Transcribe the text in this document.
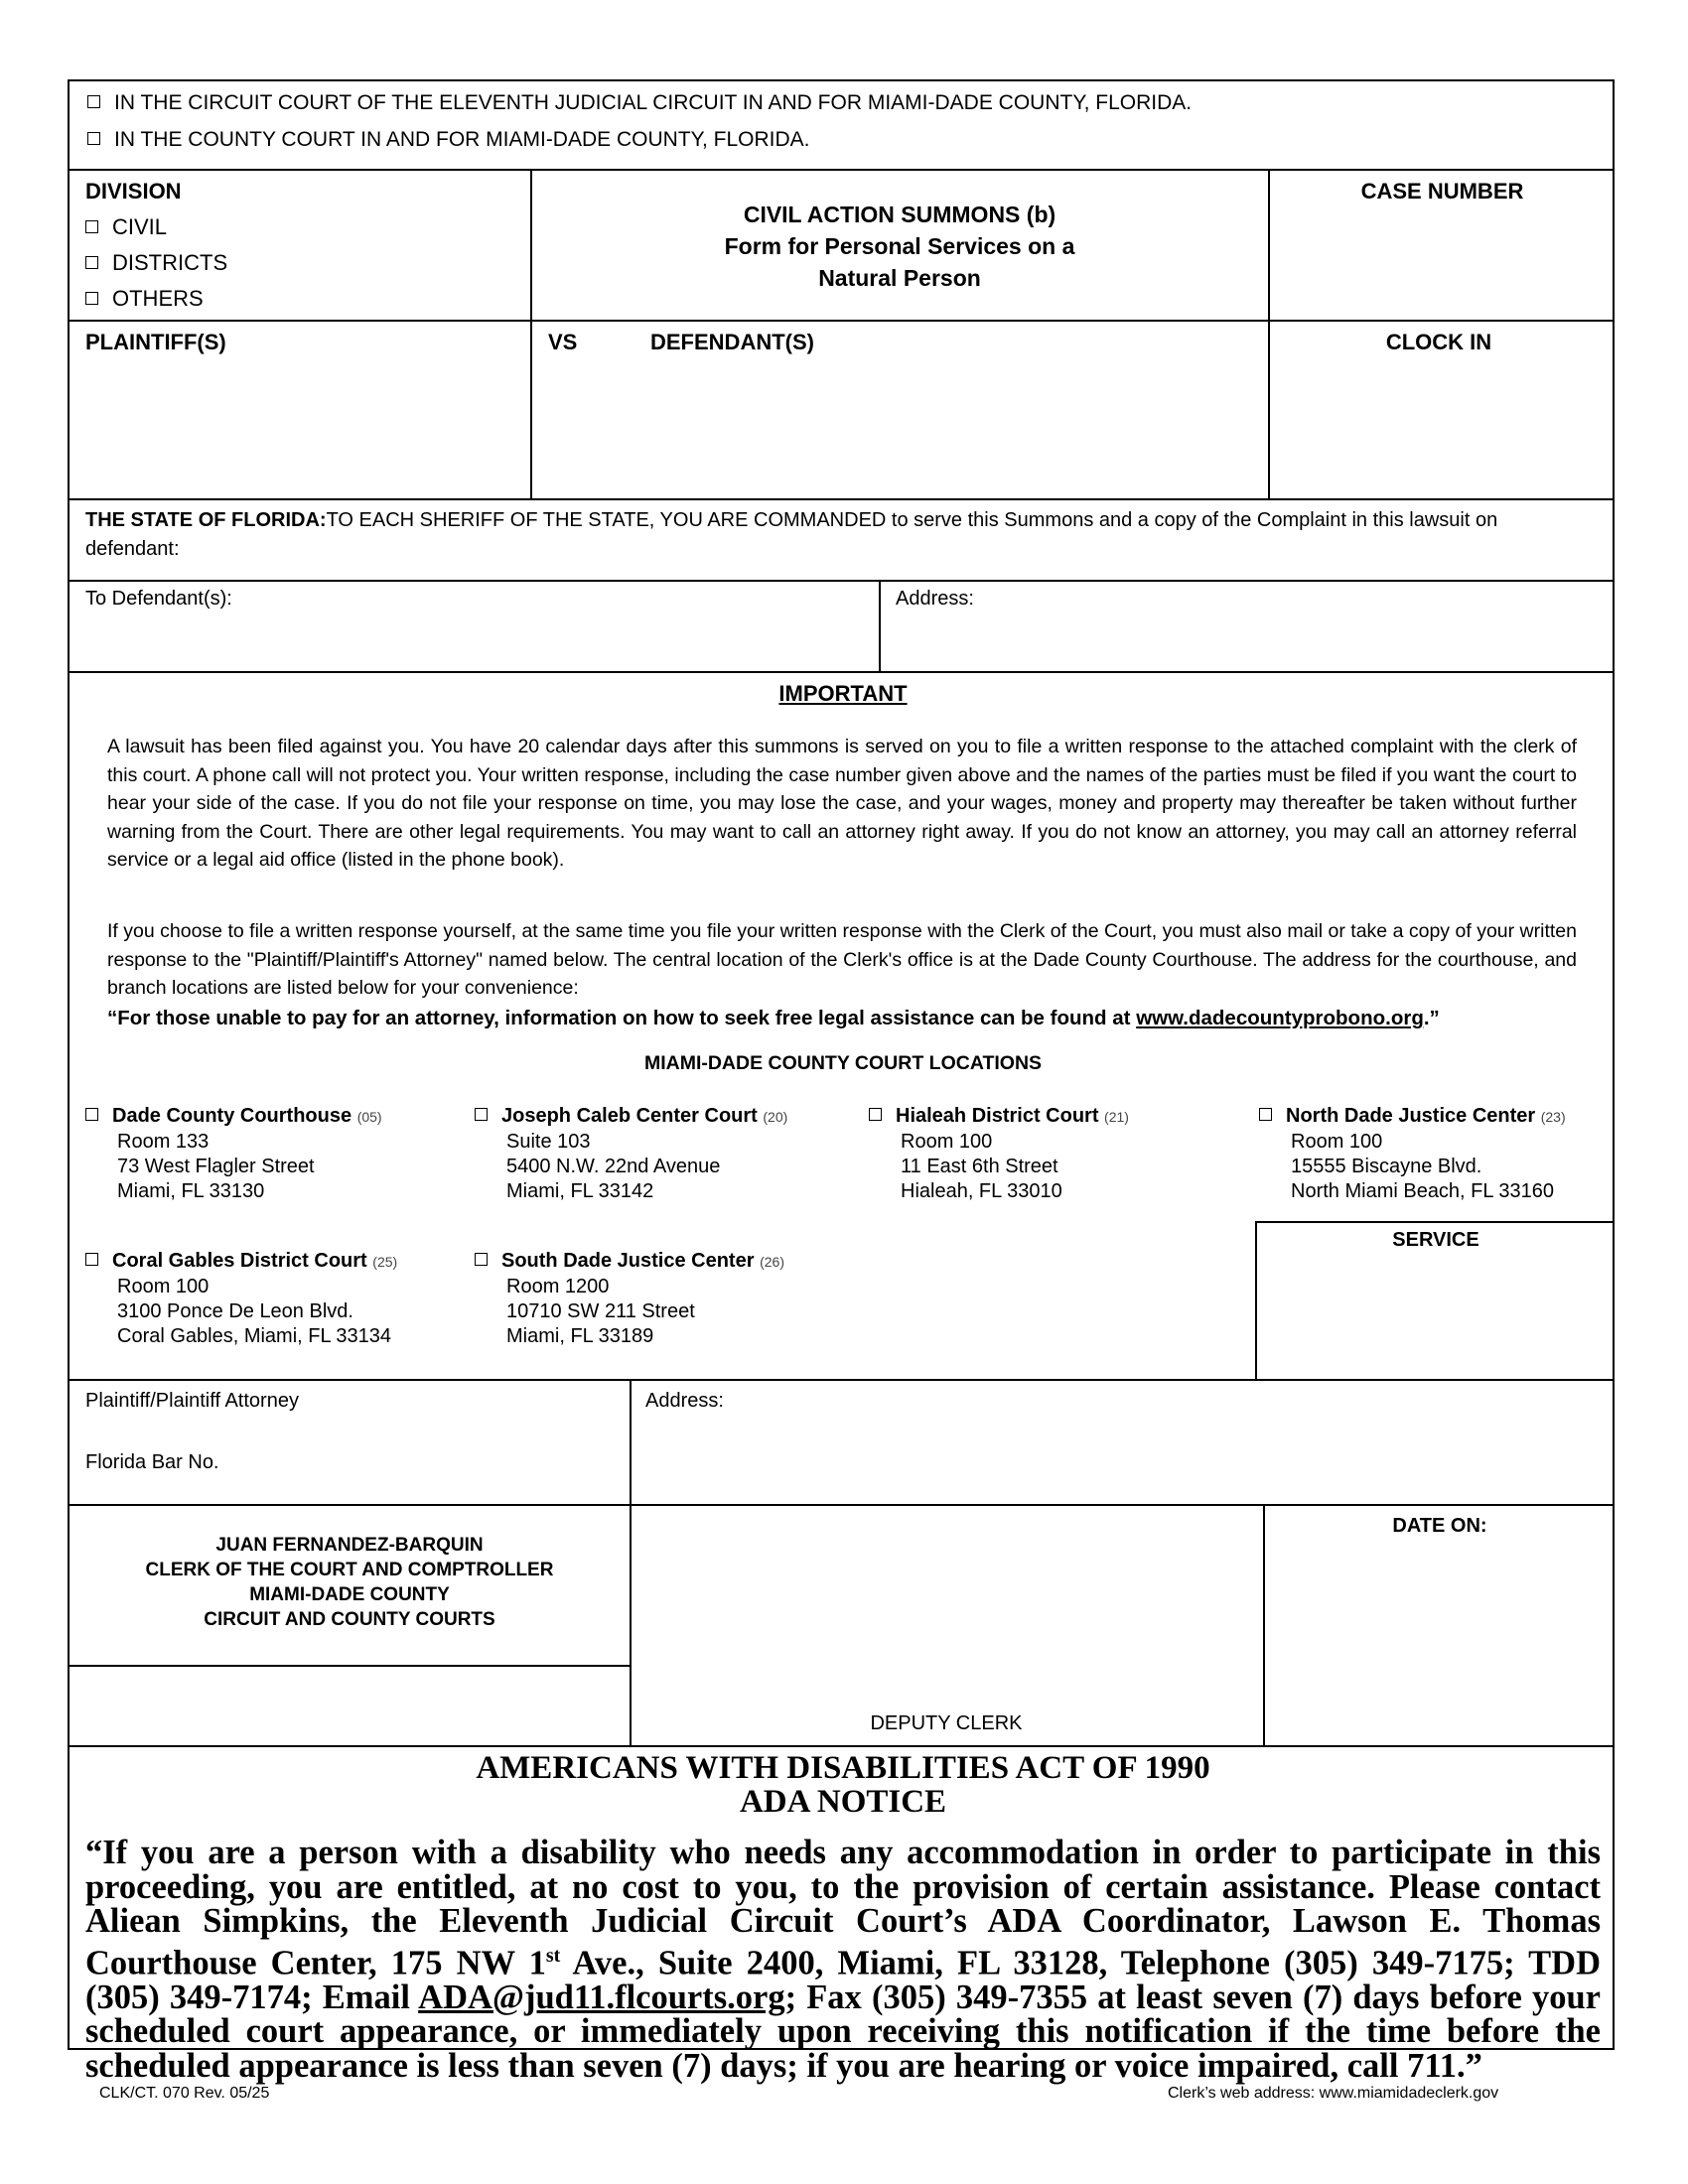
IN THE CIRCUIT COURT OF THE ELEVENTH JUDICIAL CIRCUIT IN AND FOR MIAMI-DADE COUNTY, FLORIDA.
IN THE COUNTY COURT IN AND FOR MIAMI-DADE COUNTY, FLORIDA.
DIVISION
CIVIL
DISTRICTS
OTHERS
CIVIL ACTION SUMMONS (b)
Form for Personal Services on a
Natural Person
CASE NUMBER
PLAINTIFF(S)	VS	DEFENDANT(S)	CLOCK IN
THE STATE OF FLORIDA:TO EACH SHERIFF OF THE STATE, YOU ARE COMMANDED to serve this Summons and a copy of the Complaint in this lawsuit on defendant:
To Defendant(s):	Address:
IMPORTANT
A lawsuit has been filed against you. You have 20 calendar days after this summons is served on you to file a written response to the attached complaint with the clerk of this court. A phone call will not protect you. Your written response, including the case number given above and the names of the parties must be filed if you want the court to hear your side of the case. If you do not file your response on time, you may lose the case, and your wages, money and property may thereafter be taken without further warning from the Court. There are other legal requirements. You may want to call an attorney right away. If you do not know an attorney, you may call an attorney referral service or a legal aid office (listed in the phone book).
If you choose to file a written response yourself, at the same time you file your written response with the Clerk of the Court, you must also mail or take a copy of your written response to the "Plaintiff/Plaintiff's Attorney" named below. The central location of the Clerk's office is at the Dade County Courthouse. The address for the courthouse, and branch locations are listed below for your convenience:
“For those unable to pay for an attorney, information on how to seek free legal assistance can be found at www.dadecountyprobono.org.”
MIAMI-DADE COUNTY COURT LOCATIONS
Dade County Courthouse (05)
Room 133
73 West Flagler Street
Miami, FL 33130
Joseph Caleb Center Court (20)
Suite 103
5400 N.W. 22nd Avenue
Miami, FL 33142
Hialeah District Court (21)
Room 100
11 East 6th Street
Hialeah, FL 33010
North Dade Justice Center (23)
Room 100
15555 Biscayne Blvd.
North Miami Beach, FL 33160
Coral Gables District Court (25)
Room 100
3100 Ponce De Leon Blvd.
Coral Gables, Miami, FL 33134
South Dade Justice Center (26)
Room 1200
10710 SW 211 Street
Miami, FL 33189
SERVICE
Plaintiff/Plaintiff Attorney
Florida Bar No.
Address:
JUAN FERNANDEZ-BARQUIN
CLERK OF THE COURT AND COMPTROLLER
MIAMI-DADE COUNTY
CIRCUIT AND COUNTY COURTS
DEPUTY CLERK
DATE ON:
AMERICANS WITH DISABILITIES ACT OF 1990
ADA NOTICE
“If you are a person with a disability who needs any accommodation in order to participate in this proceeding, you are entitled, at no cost to you, to the provision of certain assistance. Please contact Aliean Simpkins, the Eleventh Judicial Circuit Court’s ADA Coordinator, Lawson E. Thomas Courthouse Center, 175 NW 1st Ave., Suite 2400, Miami, FL 33128, Telephone (305) 349-7175; TDD (305) 349-7174; Email ADA@jud11.flcourts.org; Fax (305) 349-7355 at least seven (7) days before your scheduled court appearance, or immediately upon receiving this notification if the time before the scheduled appearance is less than seven (7) days; if you are hearing or voice impaired, call 711.”
CLK/CT. 070 Rev. 05/25	Clerk’s web address: www.miamidadeclerk.gov
